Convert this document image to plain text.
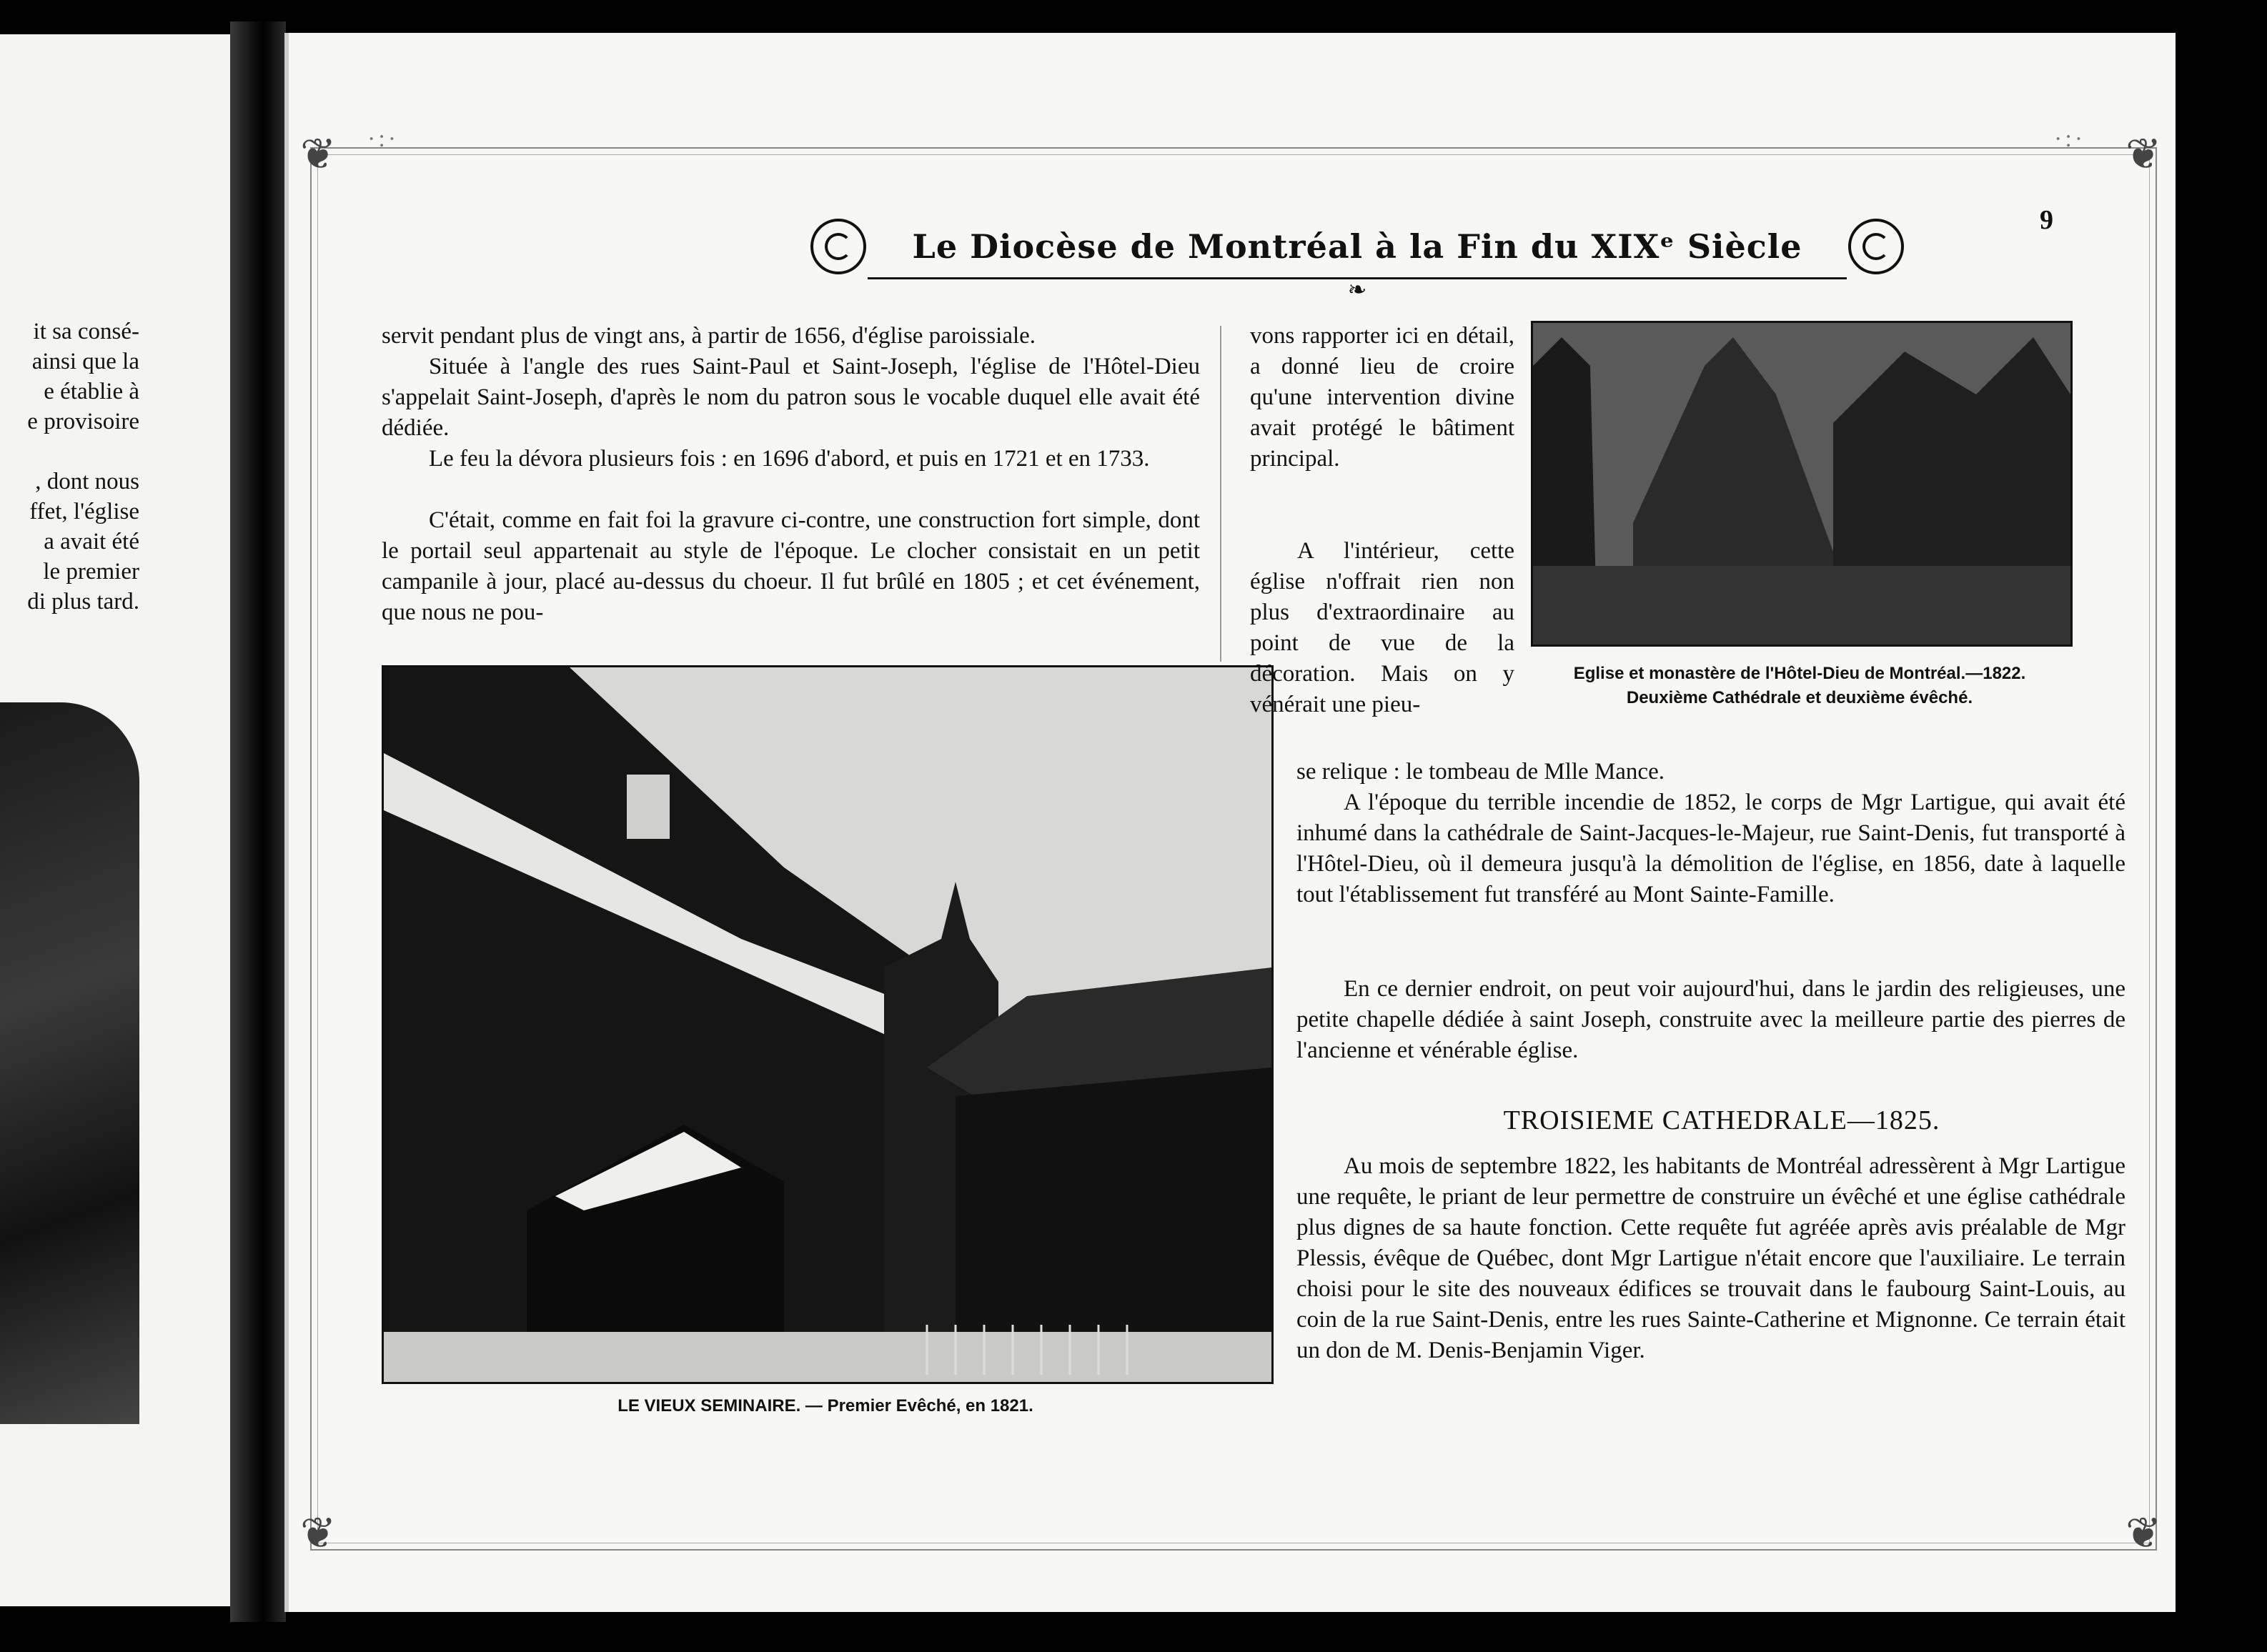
it sa consé-
ainsi que la
e établie à
e provisoire

, dont nous
ffet, l'église
a avait été
le premier
di plus tard.
❦	❦
❦	❦
·:·	·:·
Le Diocèse de Montréal à la Fin du XIXᵉ Siècle
❧
9
servit pendant plus de vingt ans, à partir de 1656, d'église paroissiale.
Située à l'angle des rues Saint-Paul et Saint-Joseph, l'église de l'Hôtel-Dieu s'appelait Saint-Joseph, d'après le nom du patron sous le vocable duquel elle avait été dédiée.
Le feu la dévora plusieurs fois : en 1696 d'abord, et puis en 1721 et en 1733.
C'était, comme en fait foi la gravure ci-contre, une construction fort simple, dont le portail seul appartenait au style de l'époque. Le clocher consistait en un petit campanile à jour, placé au-dessus du choeur. Il fut brûlé en 1805 ; et cet événement, que nous ne pou-
LE VIEUX SEMINAIRE. — Premier Evêché, en 1821.
vons rapporter ici en détail, a donné lieu de croire qu'une intervention divine avait protégé le bâtiment principal.
A l'intérieur, cette église n'offrait rien non plus d'extraordinaire au point de vue de la décoration. Mais on y vénérait une pieu-
Eglise et monastère de l'Hôtel-Dieu de Montréal.—1822.
Deuxième Cathédrale et deuxième évêché.
se relique : le tombeau de Mlle Mance.
A l'époque du terrible incendie de 1852, le corps de Mgr Lartigue, qui avait été inhumé dans la cathédrale de Saint-Jacques-le-Majeur, rue Saint-Denis, fut transporté à l'Hôtel-Dieu, où il demeura jusqu'à la démolition de l'église, en 1856, date à laquelle tout l'établissement fut transféré au Mont Sainte-Famille.
En ce dernier endroit, on peut voir aujourd'hui, dans le jardin des religieuses, une petite chapelle dédiée à saint Joseph, construite avec la meilleure partie des pierres de l'ancienne et vénérable église.
TROISIEME CATHEDRALE—1825.
Au mois de septembre 1822, les habitants de Montréal adressèrent à Mgr Lartigue une requête, le priant de leur permettre de construire un évêché et une église cathédrale plus dignes de sa haute fonction. Cette requête fut agréée après avis préalable de Mgr Plessis, évêque de Québec, dont Mgr Lartigue n'était encore que l'auxiliaire. Le terrain choisi pour le site des nouveaux édifices se trouvait dans le faubourg Saint-Louis, au coin de la rue Saint-Denis, entre les rues Sainte-Catherine et Mignonne. Ce terrain était un don de M. Denis-Benjamin Viger.
